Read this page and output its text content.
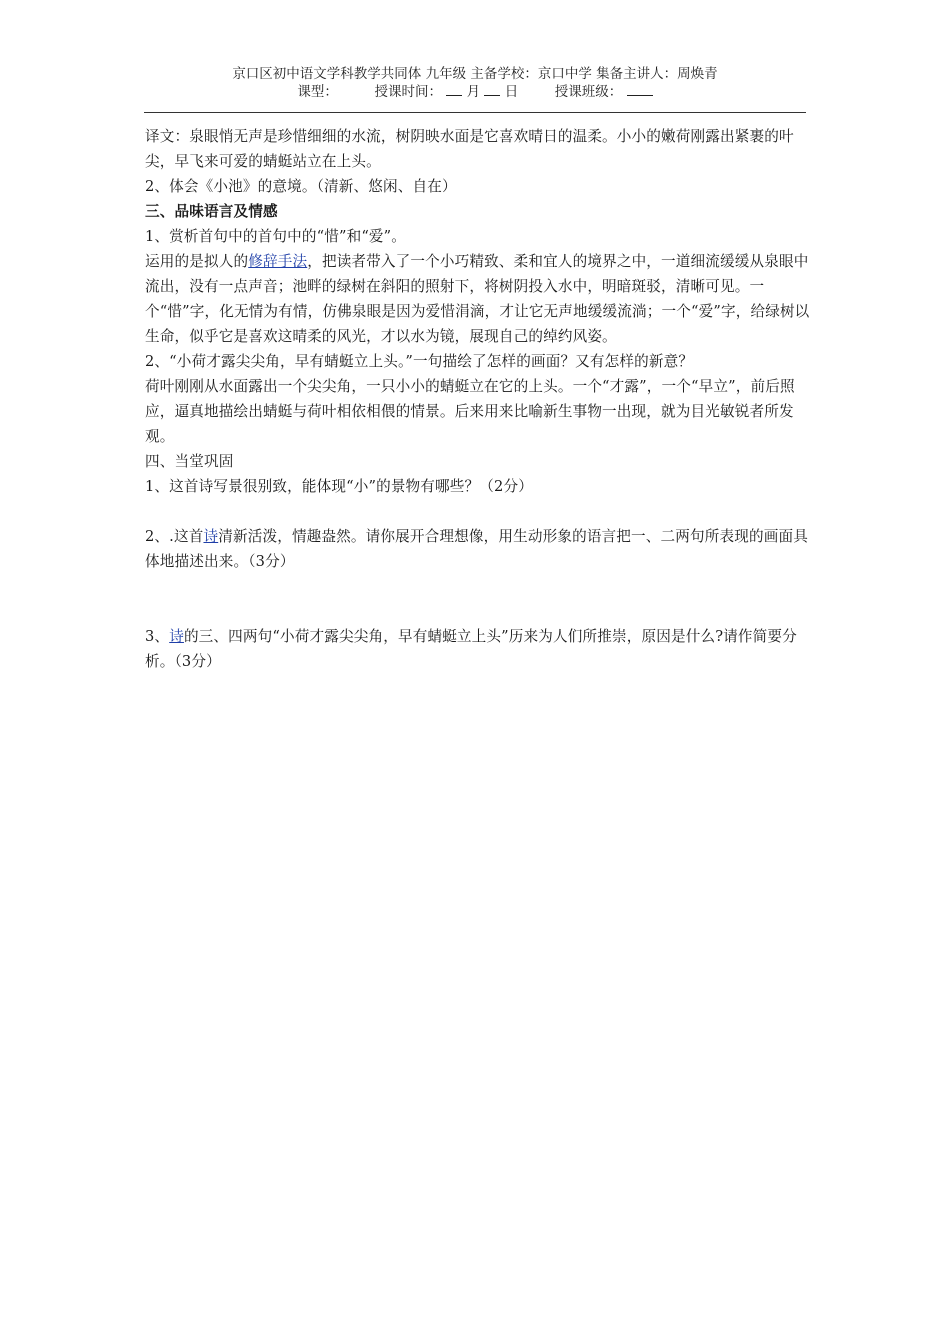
京口区初中语文学科教学共同体 九年级 主备学校：京口中学 集备主讲人：周焕青
课型：	授课时间： 月 日	授课班级：

译文：泉眼悄无声是珍惜细细的水流，树阴映水面是它喜欢晴日的温柔。小小的嫩荷刚露出紧裹的叶尖，早飞来可爱的蜻蜓站立在上头。

2、体会《小池》的意境。（清新、悠闲、自在）

三、品味语言及情感

1、赏析首句中的首句中的“惜”和“爱”。

运用的是拟人的修辞手法，把读者带入了一个小巧精致、柔和宜人的境界之中，一道细流缓缓从泉眼中流出，没有一点声音；池畔的绿树在斜阳的照射下，将树阴投入水中，明暗斑驳，清晰可见。一个“惜”字，化无情为有情，仿佛泉眼是因为爱惜涓滴，才让它无声地缓缓流淌；一个“爱”字，给绿树以生命，似乎它是喜欢这晴柔的风光，才以水为镜，展现自己的绰约风姿。

2、“小荷才露尖尖角，早有蜻蜓立上头。”一句描绘了怎样的画面？又有怎样的新意？

荷叶刚刚从水面露出一个尖尖角，一只小小的蜻蜓立在它的上头。一个“才露”，一个“早立”，前后照应，逼真地描绘出蜻蜓与荷叶相依相偎的情景。后来用来比喻新生事物一出现，就为目光敏锐者所发观。

四、当堂巩固

1、这首诗写景很别致，能体现“小”的景物有哪些？（2分）

2、.这首诗清新活泼，情趣盎然。请你展开合理想像，用生动形象的语言把一、二两句所表现的画面具体地描述出来。（3分）

3、诗的三、四两句“小荷才露尖尖角，早有蜻蜓立上头”历来为人们所推崇，原因是什么?请作简要分析。（3分）
